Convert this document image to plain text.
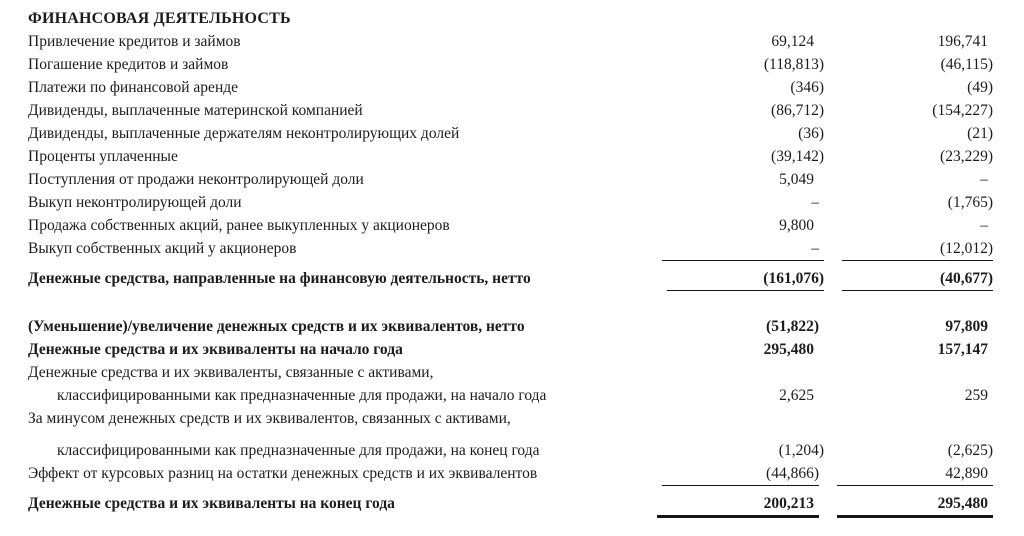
ФИНАНСОВАЯ ДЕЯТЕЛЬНОСТЬ
Привлечение кредитов и займов	69,124	196,741
Погашение кредитов и займов	(118,813)	(46,115)
Платежи по финансовой аренде	(346)	(49)
Дивиденды, выплаченные материнской компанией	(86,712)	(154,227)
Дивиденды, выплаченные держателям неконтролирующих долей	(36)	(21)
Проценты уплаченные	(39,142)	(23,229)
Поступления от продажи неконтролирующей доли	5,049	–
Выкуп неконтролирующей доли	–	(1,765)
Продажа собственных акций, ранее выкупленных у акционеров	9,800	–
Выкуп собственных акций у акционеров	–	(12,012)
Денежные средства, направленные на финансовую деятельность, нетто	(161,076)	(40,677)
(Уменьшение)/увеличение денежных средств и их эквивалентов, нетто	(51,822)	97,809
Денежные средства и их эквиваленты на начало года	295,480	157,147
Денежные средства и их эквиваленты, связанные с активами,
классифицированными как предназначенные для продажи, на начало года	2,625	259
За минусом денежных средств и их эквивалентов, связанных с активами,
классифицированными как предназначенные для продажи, на конец года	(1,204)	(2,625)
Эффект от курсовых разниц на остатки денежных средств и их эквивалентов	(44,866)	42,890
Денежные средства и их эквиваленты на конец года	200,213	295,480
